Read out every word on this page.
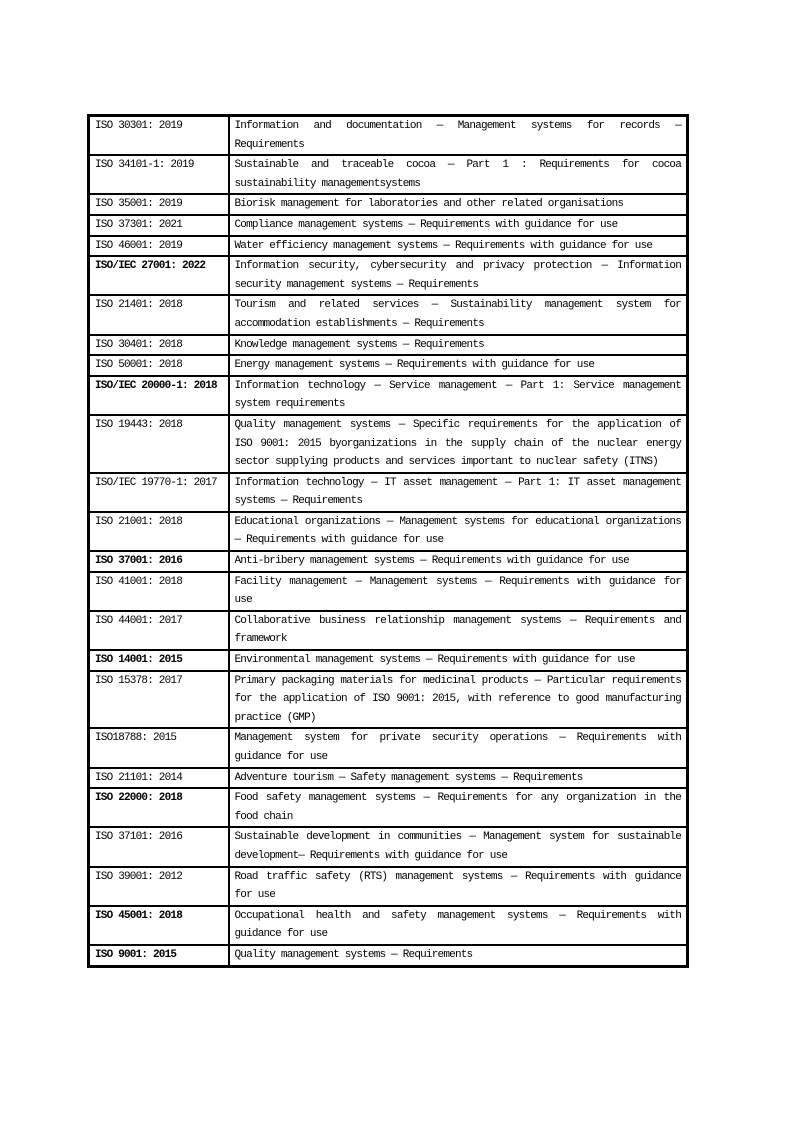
ISO 30301: 2019	Information and documentation — Management systems for records — Requirements
ISO 34101-1: 2019	Sustainable and traceable cocoa — Part 1 : Requirements for cocoa sustainability managementsystems
ISO 35001: 2019	Biorisk management for laboratories and other related organisations
ISO 37301: 2021	Compliance management systems — Requirements with guidance for use
ISO 46001: 2019	Water efficiency management systems — Requirements with guidance for use
ISO/IEC 27001: 2022	Information security, cybersecurity and privacy protection — Information security management systems — Requirements
ISO 21401: 2018	Tourism and related services — Sustainability management system for accommodation establishments — Requirements
ISO 30401: 2018	Knowledge management systems — Requirements
ISO 50001: 2018	Energy management systems — Requirements with guidance for use
ISO/IEC 20000-1: 2018	Information technology — Service management — Part 1: Service management system requirements
ISO 19443: 2018	Quality management systems — Specific requirements for the application of ISO 9001: 2015 byorganizations in the supply chain of the nuclear energy sector supplying products and services important to nuclear safety (ITNS)
ISO/IEC 19770-1: 2017	Information technology — IT asset management — Part 1: IT asset management systems — Requirements
ISO 21001: 2018	Educational organizations — Management systems for educational organizations — Requirements with guidance for use
ISO 37001: 2016	Anti-bribery management systems — Requirements with guidance for use
ISO 41001: 2018	Facility management — Management systems — Requirements with guidance for use
ISO 44001: 2017	Collaborative business relationship management systems — Requirements and framework
ISO 14001: 2015	Environmental management systems — Requirements with guidance for use
ISO 15378: 2017	Primary packaging materials for medicinal products — Particular requirements for the application of ISO 9001: 2015, with reference to good manufacturing practice (GMP)
ISO18788: 2015	Management system for private security operations — Requirements with guidance for use
ISO 21101: 2014	Adventure tourism — Safety management systems — Requirements
ISO 22000: 2018	Food safety management systems — Requirements for any organization in the food chain
ISO 37101: 2016	Sustainable development in communities — Management system for sustainable development— Requirements with guidance for use
ISO 39001: 2012	Road traffic safety (RTS) management systems — Requirements with guidance for use
ISO 45001: 2018	Occupational health and safety management systems — Requirements with guidance for use
ISO 9001: 2015	Quality management systems — Requirements
